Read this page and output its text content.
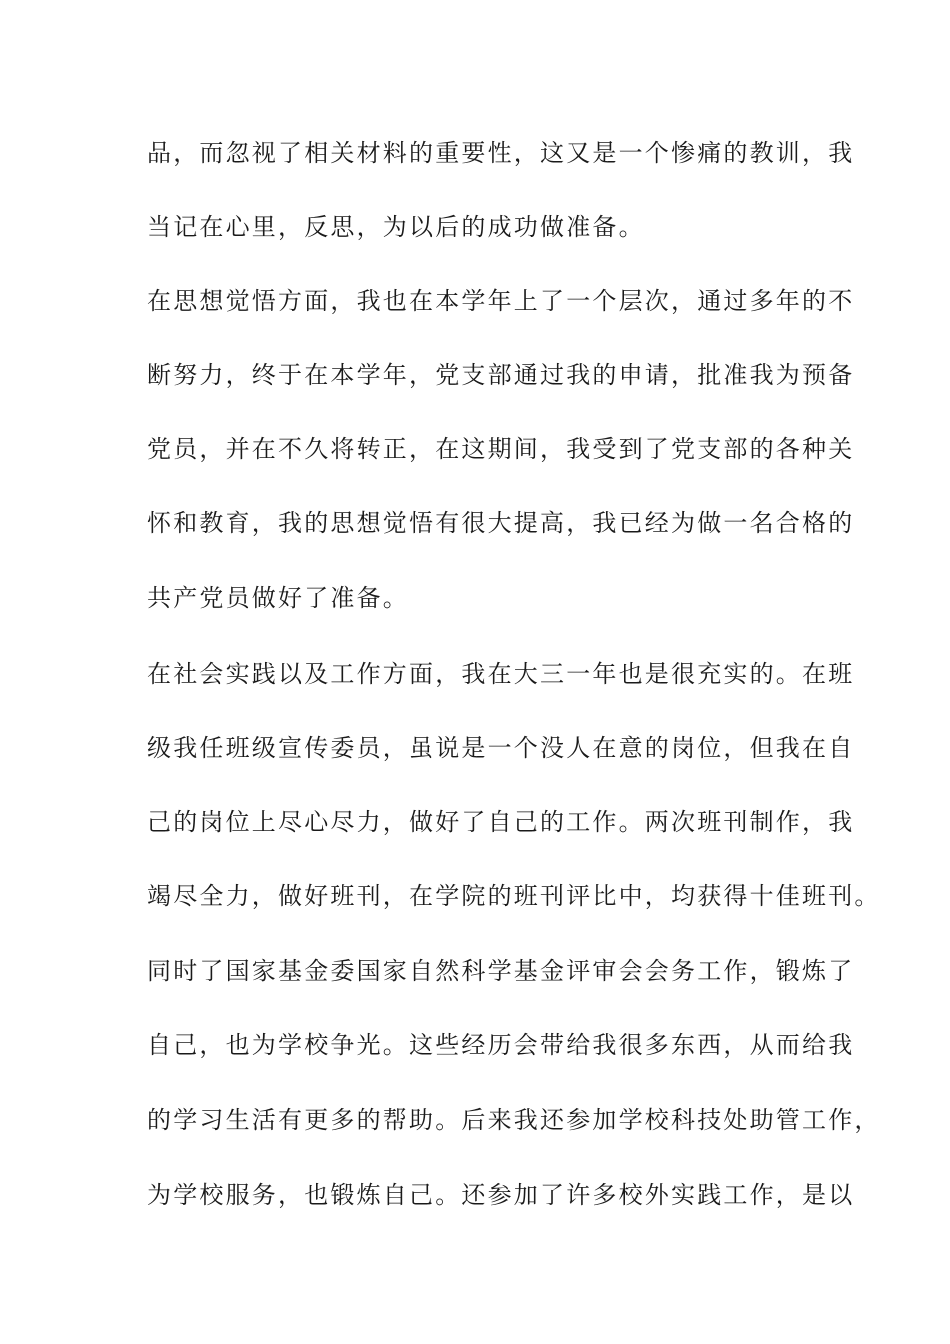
品，而忽视了相关材料的重要性，这又是一个惨痛的教训，我
当记在心里，反思，为以后的成功做准备。
在思想觉悟方面，我也在本学年上了一个层次，通过多年的不
断努力，终于在本学年，党支部通过我的申请，批准我为预备
党员，并在不久将转正，在这期间，我受到了党支部的各种关
怀和教育，我的思想觉悟有很大提高，我已经为做一名合格的
共产党员做好了准备。
在社会实践以及工作方面，我在大三一年也是很充实的。在班
级我任班级宣传委员，虽说是一个没人在意的岗位，但我在自
己的岗位上尽心尽力，做好了自己的工作。两次班刊制作，我
竭尽全力，做好班刊，在学院的班刊评比中，均获得十佳班刊。
同时了国家基金委国家自然科学基金评审会会务工作，锻炼了
自己，也为学校争光。这些经历会带给我很多东西，从而给我
的学习生活有更多的帮助。后来我还参加学校科技处助管工作，
为学校服务，也锻炼自己。还参加了许多校外实践工作，是以
